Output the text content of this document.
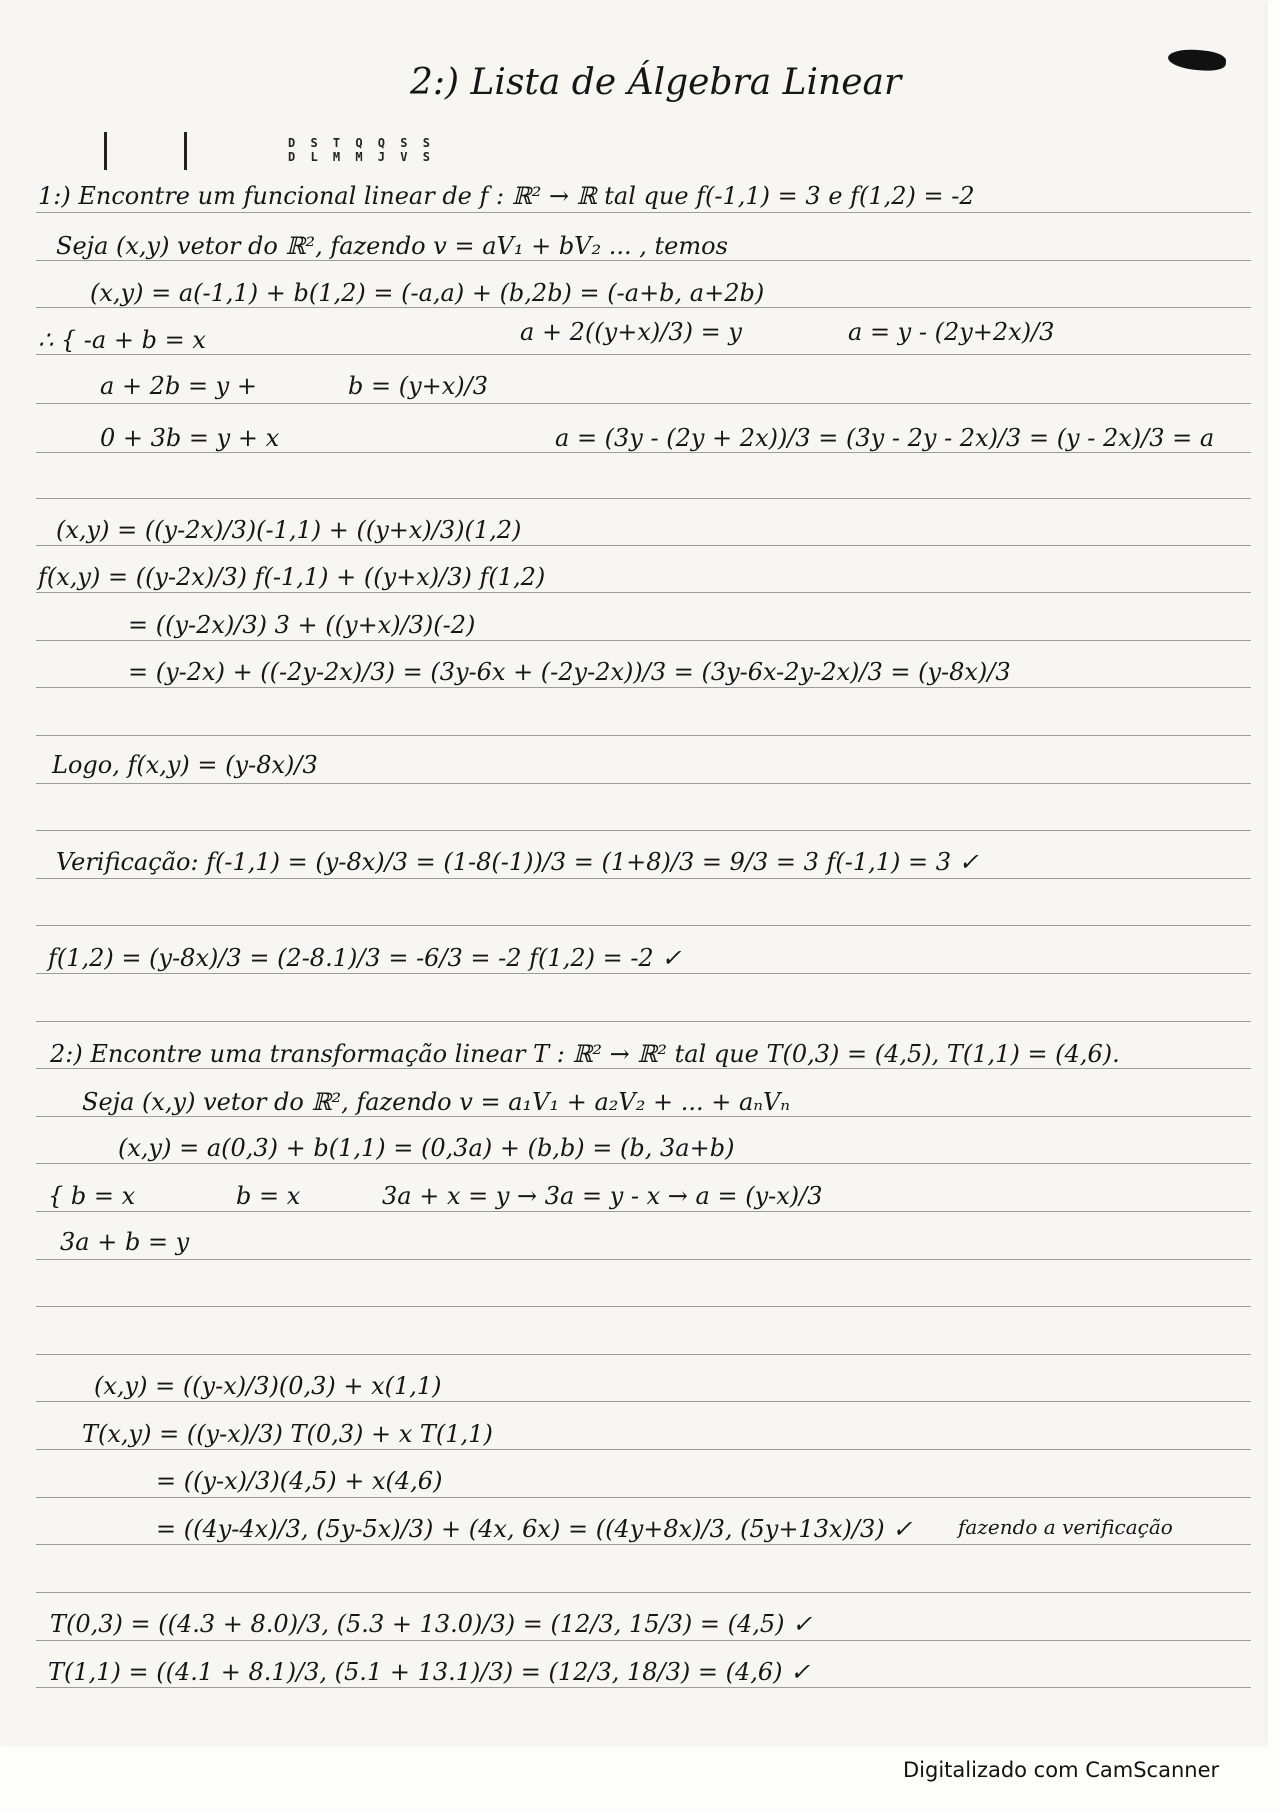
D S T Q Q S S
D L M M J V S
2:) Lista de Álgebra Linear
1:) Encontre um funcional linear de f : ℝ² → ℝ tal que f(-1,1) = 3 e f(1,2) = -2
Seja (x,y) vetor do ℝ², fazendo v = aV₁ + bV₂ ... , temos
(x,y) = a(-1,1) + b(1,2) = (-a,a) + (b,2b) = (-a+b, a+2b)
∴ { -a + b = x	a + 2((y+x)/3) = y	a = y - (2y+2x)/3
a + 2b = y +	b = (y+x)/3
0 + 3b = y + x	a = (3y - (2y + 2x))/3 = (3y - 2y - 2x)/3 = (y - 2x)/3 = a
(x,y) = ((y-2x)/3)(-1,1) + ((y+x)/3)(1,2)
f(x,y) = ((y-2x)/3) f(-1,1) + ((y+x)/3) f(1,2)
= ((y-2x)/3) 3 + ((y+x)/3)(-2)
= (y-2x) + ((-2y-2x)/3) = (3y-6x + (-2y-2x))/3 = (3y-6x-2y-2x)/3 = (y-8x)/3
Logo, f(x,y) = (y-8x)/3
Verificação: f(-1,1) = (y-8x)/3 = (1-8(-1))/3 = (1+8)/3 = 9/3 = 3 f(-1,1) = 3 ✓
f(1,2) = (y-8x)/3 = (2-8.1)/3 = -6/3 = -2 f(1,2) = -2 ✓
2:) Encontre uma transformação linear T : ℝ² → ℝ² tal que T(0,3) = (4,5), T(1,1) = (4,6).
Seja (x,y) vetor do ℝ², fazendo v = a₁V₁ + a₂V₂ + ... + aₙVₙ
(x,y) = a(0,3) + b(1,1) = (0,3a) + (b,b) = (b, 3a+b)
{ b = x	b = x	3a + x = y → 3a = y - x → a = (y-x)/3
3a + b = y
(x,y) = ((y-x)/3)(0,3) + x(1,1)
T(x,y) = ((y-x)/3) T(0,3) + x T(1,1)
= ((y-x)/3)(4,5) + x(4,6)
= ((4y-4x)/3, (5y-5x)/3) + (4x, 6x) = ((4y+8x)/3, (5y+13x)/3) ✓ fazendo a verificação
T(0,3) = ((4.3 + 8.0)/3, (5.3 + 13.0)/3) = (12/3, 15/3) = (4,5) ✓
T(1,1) = ((4.1 + 8.1)/3, (5.1 + 13.1)/3) = (12/3, 18/3) = (4,6) ✓
Digitalizado com CamScanner
